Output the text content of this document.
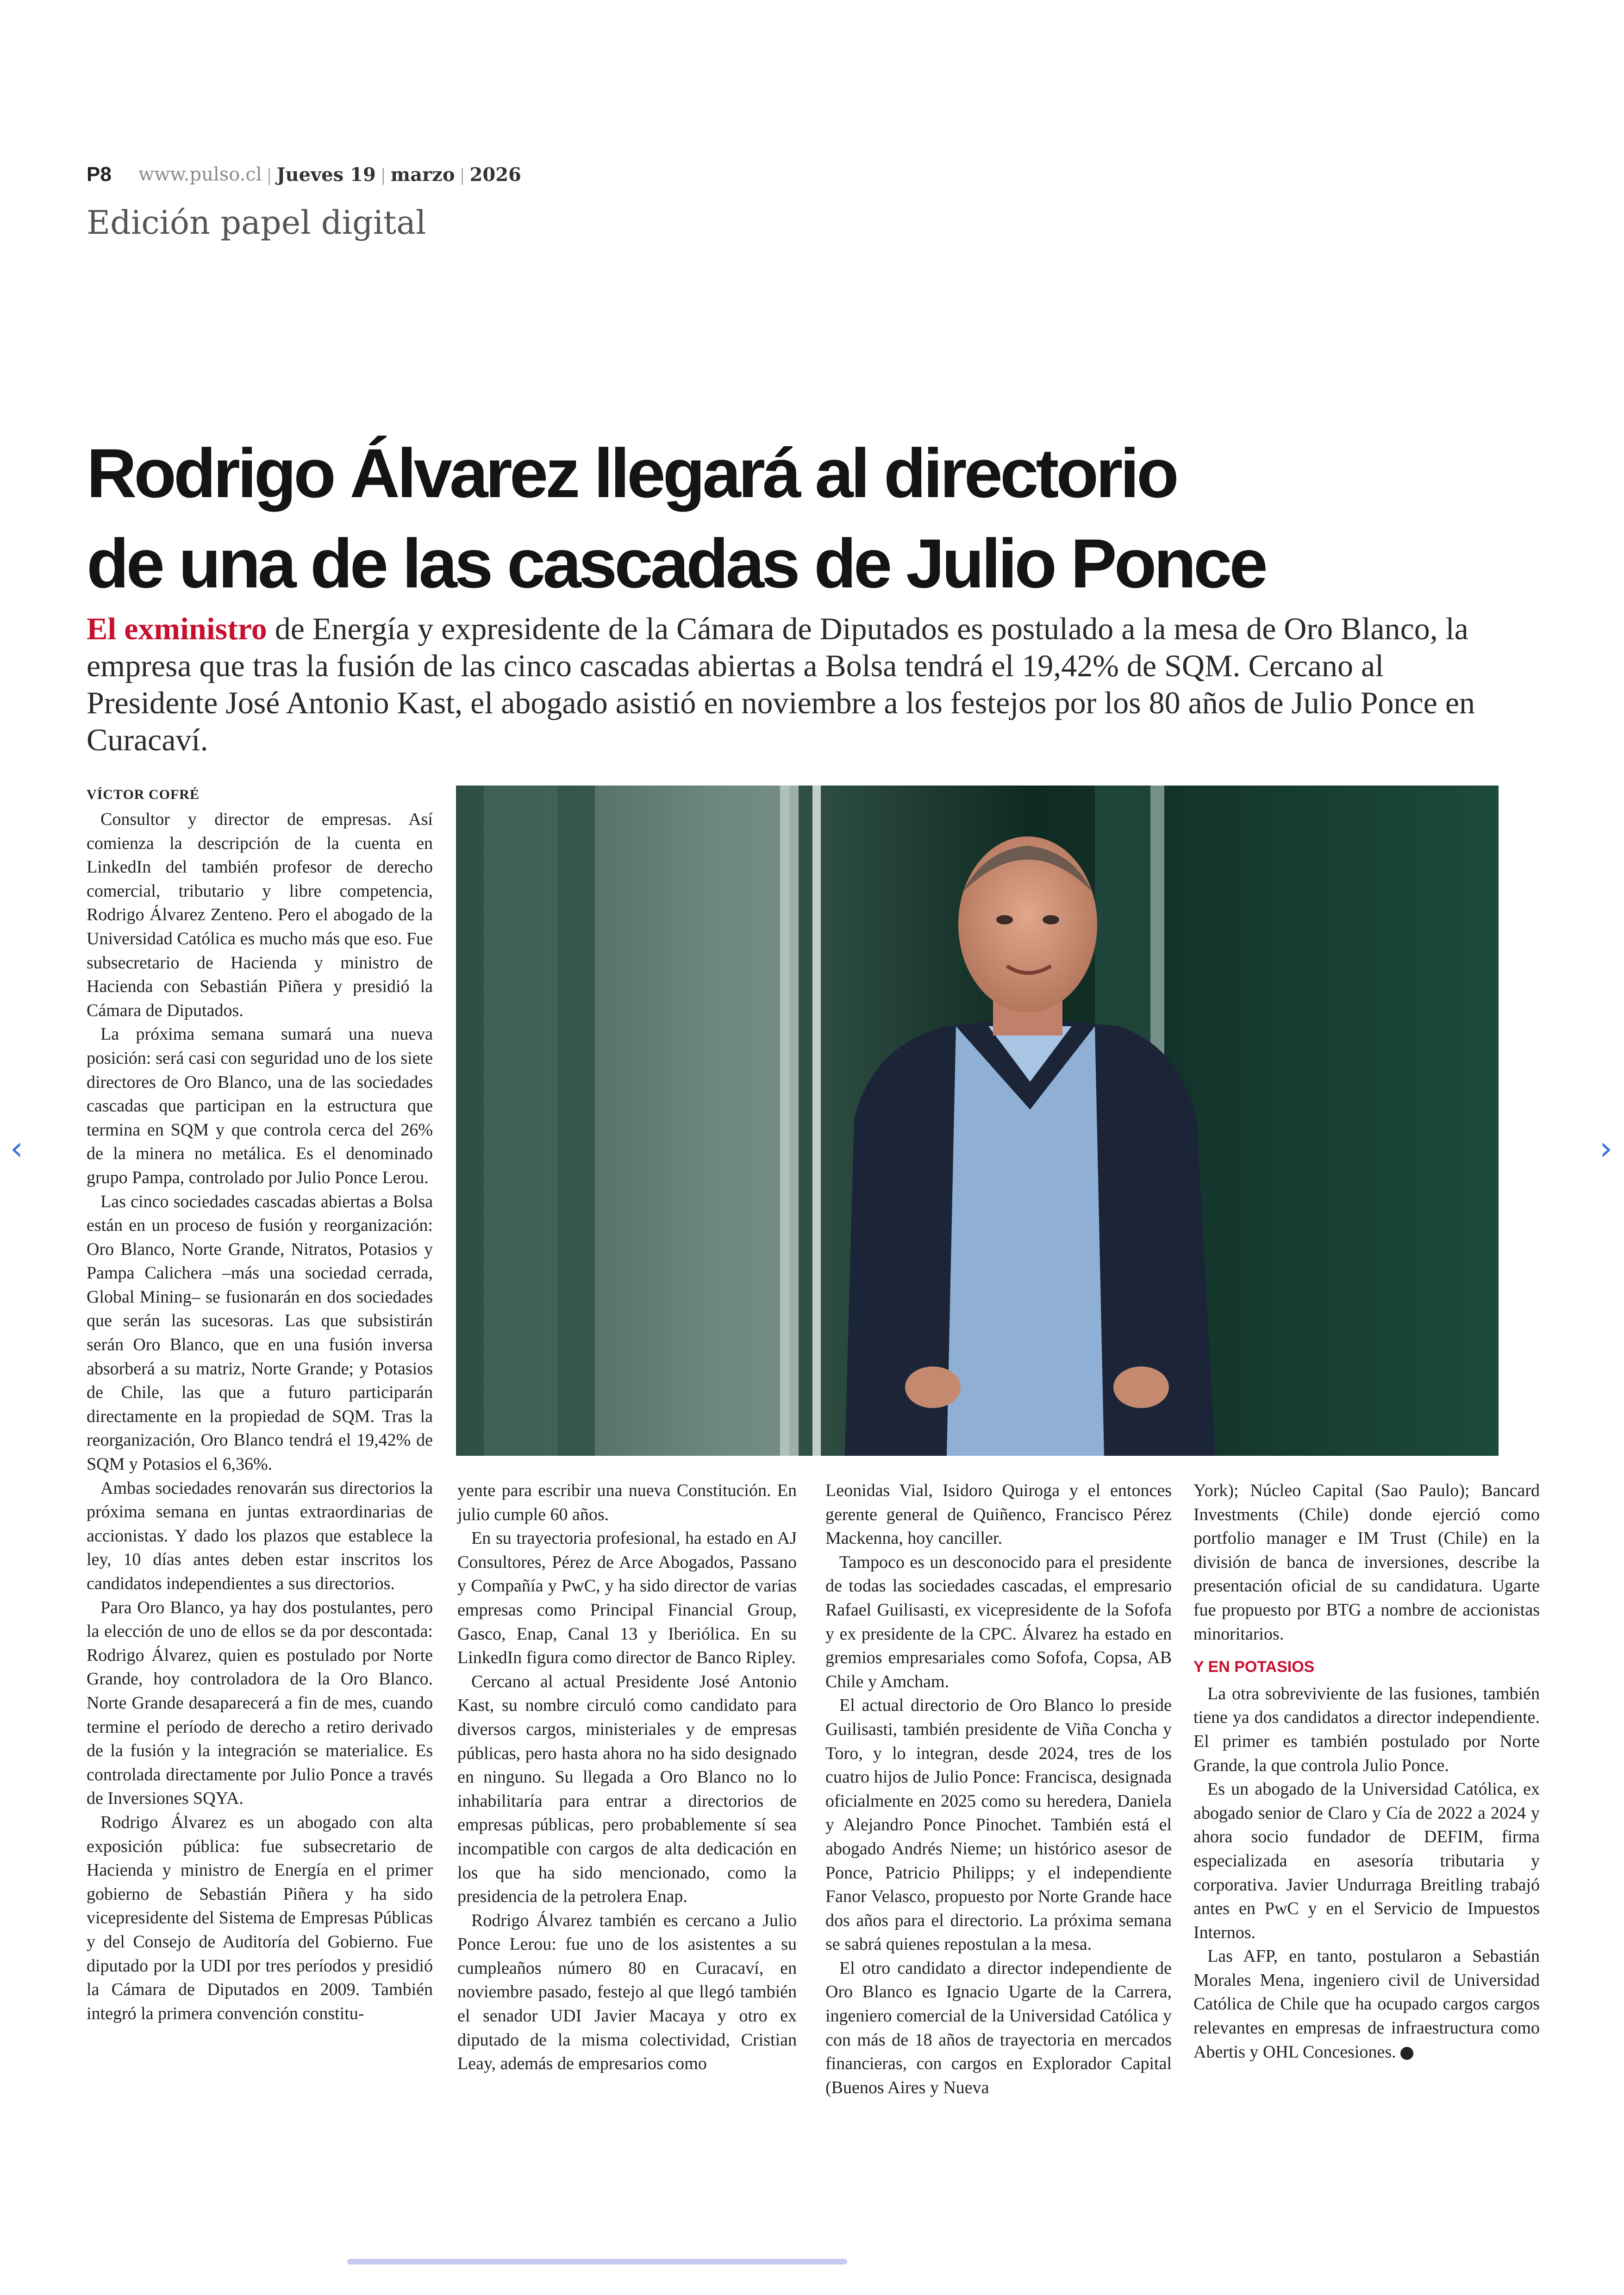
P8 www.pulso.cl | Jueves 19 | marzo | 2026
Edición papel digital
Rodrigo Álvarez llegará al directorio
de una de las cascadas de Julio Ponce
El exministro de Energía y expresidente de la Cámara de Diputados es postulado a la mesa de Oro Blanco, la empresa que tras la fusión de las cinco cascadas abiertas a Bolsa tendrá el 19,42% de SQM. Cercano al Presidente José Antonio Kast, el abogado asistió en noviembre a los festejos por los 80 años de Julio Ponce en Curacaví.
VÍCTOR COFRÉ

Consultor y director de empresas. Así comienza la descripción de la cuenta en LinkedIn del también profesor de derecho comercial, tributario y libre competencia, Rodrigo Álvarez Zenteno. Pero el abogado de la Universidad Católica es mucho más que eso. Fue subsecretario de Hacienda y ministro de Hacienda con Sebastián Piñera y presidió la Cámara de Diputados.

La próxima semana sumará una nueva posición: será casi con seguridad uno de los siete directores de Oro Blanco, una de las sociedades cascadas que participan en la estructura que termina en SQM y que controla cerca del 26% de la minera no metálica. Es el denominado grupo Pampa, controlado por Julio Ponce Lerou.

Las cinco sociedades cascadas abiertas a Bolsa están en un proceso de fusión y reorganización: Oro Blanco, Norte Grande, Nitratos, Potasios y Pampa Calichera –más una sociedad cerrada, Global Mining– se fusionarán en dos sociedades que serán las sucesoras. Las que subsistirán serán Oro Blanco, que en una fusión inversa absorberá a su matriz, Norte Grande; y Potasios de Chile, las que a futuro participarán directamente en la propiedad de SQM. Tras la reorganización, Oro Blanco tendrá el 19,42% de SQM y Potasios el 6,36%.

Ambas sociedades renovarán sus directorios la próxima semana en juntas extraordinarias de accionistas. Y dado los plazos que establece la ley, 10 días antes deben estar inscritos los candidatos independientes a sus directorios.

Para Oro Blanco, ya hay dos postulantes, pero la elección de uno de ellos se da por descontada: Rodrigo Álvarez, quien es postulado por Norte Grande, hoy controladora de la Oro Blanco. Norte Grande desaparecerá a fin de mes, cuando termine el período de derecho a retiro derivado de la fusión y la integración se materialice. Es controlada directamente por Julio Ponce a través de Inversiones SQYA.

Rodrigo Álvarez es un abogado con alta exposición pública: fue subsecretario de Hacienda y ministro de Energía en el primer gobierno de Sebastián Piñera y ha sido vicepresidente del Sistema de Empresas Públicas y del Consejo de Auditoría del Gobierno. Fue diputado por la UDI por tres períodos y presidió la Cámara de Diputados en 2009. También integró la primera convención constitu-

yente para escribir una nueva Constitución. En julio cumple 60 años.

En su trayectoria profesional, ha estado en AJ Consultores, Pérez de Arce Abogados, Passano y Compañía y PwC, y ha sido director de varias empresas como Principal Financial Group, Gasco, Enap, Canal 13 y Iberiólica. En su LinkedIn figura como director de Banco Ripley.

Cercano al actual Presidente José Antonio Kast, su nombre circuló como candidato para diversos cargos, ministeriales y de empresas públicas, pero hasta ahora no ha sido designado en ninguno. Su llegada a Oro Blanco no lo inhabilitaría para entrar a directorios de empresas públicas, pero probablemente sí sea incompatible con cargos de alta dedicación en los que ha sido mencionado, como la presidencia de la petrolera Enap.

Rodrigo Álvarez también es cercano a Julio Ponce Lerou: fue uno de los asistentes a su cumpleaños número 80 en Curacaví, en noviembre pasado, festejo al que llegó también el senador UDI Javier Macaya y otro ex diputado de la misma colectividad, Cristian Leay, además de empresarios como

Leonidas Vial, Isidoro Quiroga y el entonces gerente general de Quiñenco, Francisco Pérez Mackenna, hoy canciller.

Tampoco es un desconocido para el presidente de todas las sociedades cascadas, el empresario Rafael Guilisasti, ex vicepresidente de la Sofofa y ex presidente de la CPC. Álvarez ha estado en gremios empresariales como Sofofa, Copsa, AB Chile y Amcham.

El actual directorio de Oro Blanco lo preside Guilisasti, también presidente de Viña Concha y Toro, y lo integran, desde 2024, tres de los cuatro hijos de Julio Ponce: Francisca, designada oficialmente en 2025 como su heredera, Daniela y Alejandro Ponce Pinochet. También está el abogado Andrés Nieme; un histórico asesor de Ponce, Patricio Philipps; y el independiente Fanor Velasco, propuesto por Norte Grande hace dos años para el directorio. La próxima semana se sabrá quienes repostulan a la mesa.

El otro candidato a director independiente de Oro Blanco es Ignacio Ugarte de la Carrera, ingeniero comercial de la Universidad Católica y con más de 18 años de trayectoria en mercados financieras, con cargos en Explorador Capital (Buenos Aires y Nueva

York); Núcleo Capital (Sao Paulo); Bancard Investments (Chile) donde ejerció como portfolio manager e IM Trust (Chile) en la división de banca de inversiones, describe la presentación oficial de su candidatura. Ugarte fue propuesto por BTG a nombre de accionistas minoritarios.

Y EN POTASIOS

La otra sobreviviente de las fusiones, también tiene ya dos candidatos a director independiente. El primer es también postulado por Norte Grande, la que controla Julio Ponce.

Es un abogado de la Universidad Católica, ex abogado senior de Claro y Cía de 2022 a 2024 y ahora socio fundador de DEFIM, firma especializada en asesoría tributaria y corporativa. Javier Undurraga Breitling trabajó antes en PwC y en el Servicio de Impuestos Internos.

Las AFP, en tanto, postularon a Sebastián Morales Mena, ingeniero civil de Universidad Católica de Chile que ha ocupado cargos cargos relevantes en empresas de infraestructura como Abertis y OHL Concesiones. P

‹	›
